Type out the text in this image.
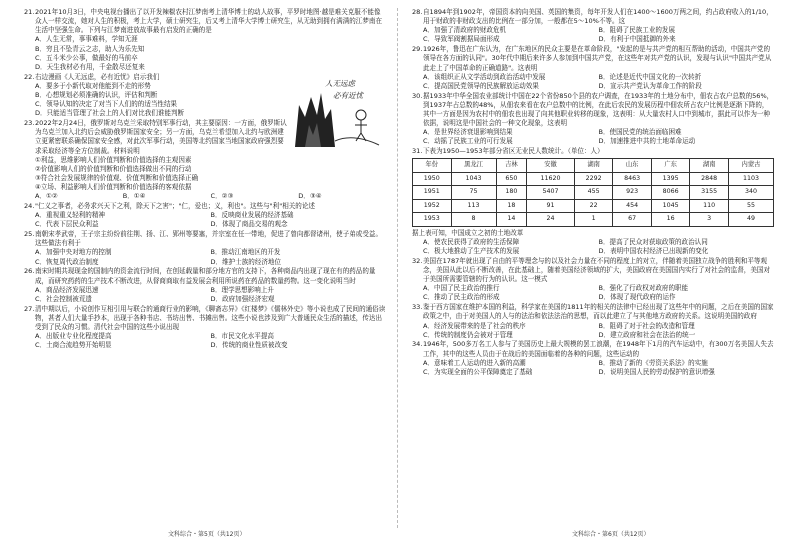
21.2021年10月3日，中央电视台播出了以开发辣椒农村江梦南考上清华博士的动人故事，平罗时地图·越是难关克服不能像众人一样交流，她对人生的积极，考上大学，硕士研究生，后又考上清华大学博士研究生，从无助到拥有满满的江梦南在生活中坚强生命。下列与江梦南进放故事最有启发的正确的是
A．人生无常，事事难料，学知无涯
B．穷且不坠青云之志，助人为乐先知
C．五斗米少公事，做最好的马前卒
D．天生我材必有用，千金散尽还复来
人无远虑
必有近忧
22.右边漫画《人无远虑，必有近忧》启示我们
A．要多于小新代取对他能到不走的形势
B．心想规划必须准确的认识，评估和判断
C．领导认知的决定了对当下人们的的适当性结果
D．只能适当管理了社会上的人们对比我们谁能判断
23.2022年2月24日，俄罗斯对乌克兰采取特别军事行动，其主要原因：一方面，俄罗斯认为乌克兰加入北约后会威胁俄罗斯国家安全；另一方面，乌克兰希望加入北约与欧洲建立更紧密联系确保国家安全感，对此次军事行动，美国等北约国家当地国家政府强烈要求采取经济等全方位制裁。材料说明
①利益，思维影响人们价值判断和价值选择的主观因素
②价值影响人们的价值判断和价值选择做出不同的行动
③符合社会发展规律的价值观、价值判断和价值选择正确
④立场、利益影响人们价值判断和价值选择的客观依据
A．①②	B．①④	C．②③	D．③④
24."仁义之事者，必务求兴天下之利，除天下之害"；"仁，爱也；义，利也"。这些与"利"相关的论述
A．重视重义轻利的精神	B．反映商业发展的经济基础
C．代表下层民众利益	D．体现了商品交易的观念
25.南朝宋孝武帝，王子宗主纷纷前往荆、扬、江、郢州等要塞，并宗室在任一带地，促进了曾向都督诸州，使子弟或受益。这些做法有利于
A．加强中央对地方的控制	B．推动江南地区的开发
C．恢复周代政治制度	D．维护士族的经济地位
26.南宋时期共现现金的国制内的资金流行时间，在创延载量和部分地方官的支持下，各种商品内出现了现在有的药品的量成，而研究药药的生产技术不断改进，从督商商取有益发展会利用所说药在药品的数量药物。这一变化说明当时
A．商品经济发展迅速	B．理学思想影响上升
C．社会控制被荒遗	D．政府加强经济宏观
27.清中期以后，小说创作互相引用与联合的通商行业的影响，《聊斋志异》《红楼梦》《儒林外史》等小说也成了民间的通俗读物，甚者人们大量手抄本，出现于各种书店、书坊出售、书摊出售。这些小说也涉及到广大普通民众生活的描述，传达出受到了民众的习惯。清代社会中国的这些小说出现
A．出版业专业化程度提高	B．市民文化水平提高
C．土商合流趋势开始明显	D．传统的商业性质被改变
28.自1894年到1902年，帝国资本的向美国、英国的集资，每年开发人们在1400～1600万两之间，约占政府收入的1/10，用于财政的非财政支出的比例在一部分加，一般都在5～10%不等。这
A．加强了清政府的财政危机	B．阻碍了民族工业的发展
C．导致军阀割据局面形成	D．有利于中国抵御的外来
29.1926年，鲁迅在广东认为，在广东地区的民众主要是在革命阶段，"发起的是与共产党的相互帮助的活动，中国共产党的领导在各方面的认同"。30年代中期后来许多人参加到中国共产党，在这些年对共产党的认识，发现与认识"中国共产党从此走上了中国革命的正确道路"。这表明
A．该组织正从文学活动到政治活动中发展	B．论述是近代中国文化的一次转折
C．提高国民党领导的民族解放运动效果	D．宣示共产党认为革命工作的阶段
30.据1933年中华全国农业部统计中国在22个省份850个县的农户调查，在1933年的土地分布中，佃农占农户总数的56%，到1937年占总数的48%，从佃农来看在农户总数中的比例，在此后农民的发展历程中佃农所占农户比例是逐渐下降的，其中一方面是因为农村中的佃农也出现了向其他职业转移的现象，这表明：从大量农村人口中到城市，据此可以作为一种依据，说明这是中国社会的一种文化现象，这表明
A．是世界经济衰退影响到结果	B．使国民党的统治面临困难
C．动摇了民族工业的可行发展	D．加速推进中共的土地革命运动
31.下表为1950—1953年部分省区无业民人数统计。（单位：人）
年份	黑龙江	吉林	安徽	湖南	山东	广东	湖南	内蒙古
1950	1043	650	11620	2292	8463	1395	2848	1103
1951	75	180	5407	455	923	8066	3155	340
1952	113	18	91	22	454	1045	110	55
1953	8	14	24	1	67	16	3	49
据上表可知，中国成立之初的土地改革
A．使农民获得了政府的生活保障	B．提高了民众对获取政策的政治认同
C．极大地推动了生产技术的发展	D．表明中国农村经济已出现新的变化
32.美国在1787年就出现了自由的平等理念与的以及社会力量在不同的程度上的对立，伴随着美国独立战争的胜利和平等观念，美国从此以后不断改善，在此基础上，随着美国经济领域的扩大，美国政府在美国国内实行了对社会的监督，美国对于美国所需要管辖的行为的认识。这一模式
A．中国了民主政治的推行	B．强化了行政权对政府的职能
C．推动了民主政治的形成	D．体现了现代政府的运作
33.鉴于西方国家在维护本国的利益，科学家在美国的1811年的相关的法律中已经出现了这些年中的问题，之后在美国的国家政策之中，由于对美国人的人与的法治和依法法治的思想，而以此建立了与其他地方政府的关系。这说明美国的政府
A．经济发展带来的是了社会的秩序	B．阻碍了对于社会的改造和管理
C．传统的制度仍会被对于管理	D．建立政府和社会在法治的统一
34.1946年，500多万名工人参与了美国历史上最大规模的罢工浪潮，在1948年下1月的汽车运动中，有300万名美国人失去工作，其中的这些人员由于在战后的美国面临着的各种的问题，这些运动的
A．意味着工人运动的进入新的高潮	B．推动了新的《劳资关系法》的实施
C．为实现全面的公平保障奠定了基础	D．说明美国人民的劳动保护的意识增强
文科综合・第5页（共12页）	文科综合・第6页（共12页）
